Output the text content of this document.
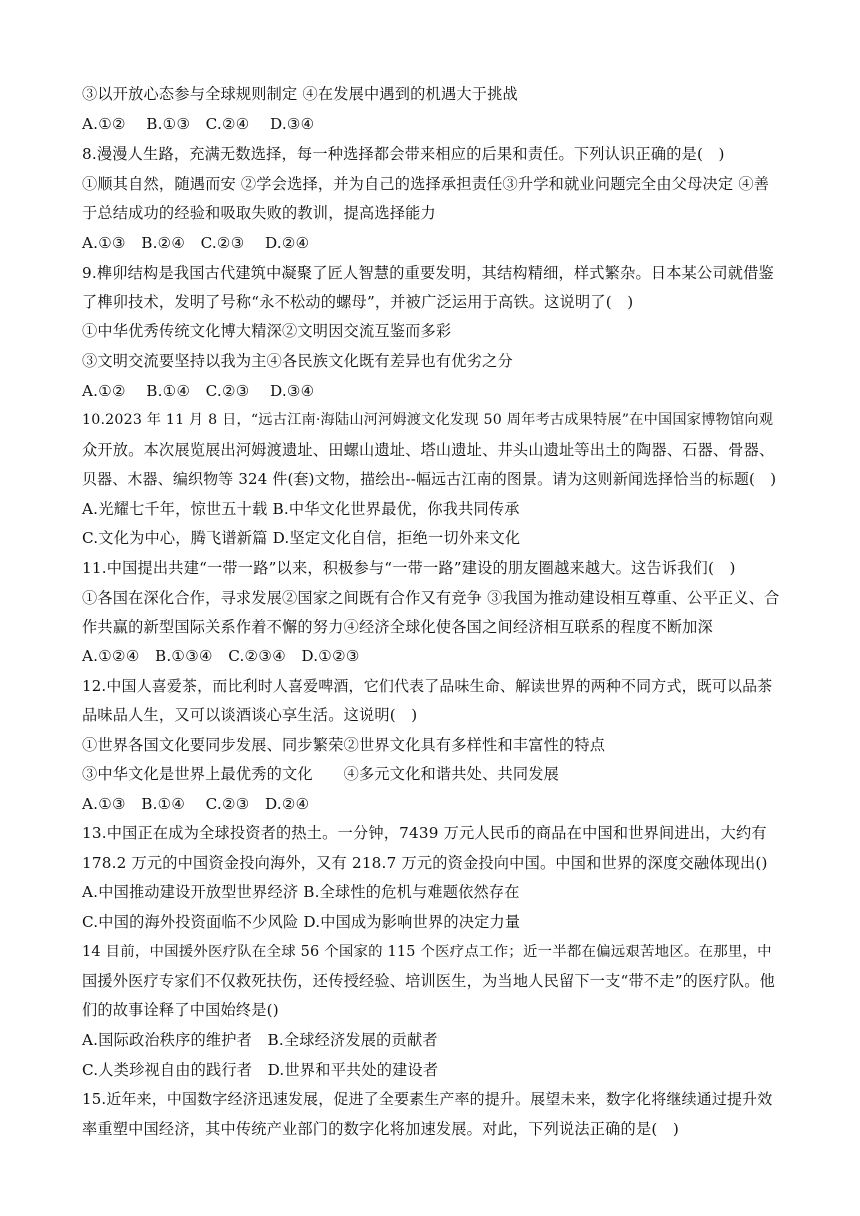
③以开放心态参与全球规则制定 ④在发展中遇到的机遇大于挑战
A.①②　 B.①③　C.②④　 D.③④
8.漫漫人生路，充满无数选择，每一种选择都会带来相应的后果和责任。下列认识正确的是(　)
①顺其自然，随遇而安 ②学会选择，并为自己的选择承担责任③升学和就业问题完全由父母决定 ④善
于总结成功的经验和吸取失败的教训，提高选择能力
A.①③　B.②④　C.②③　 D.②④
9.榫卯结构是我国古代建筑中凝聚了匠人智慧的重要发明，其结构精细，样式繁杂。日本某公司就借鉴
了榫卯技术，发明了号称“永不松动的螺母”，并被广泛运用于高铁。这说明了(　)
①中华优秀传统文化博大精深②文明因交流互鉴而多彩
③文明交流要坚持以我为主④各民族文化既有差异也有优劣之分
A.①②　 B.①④　C.②③　 D.③④
10.2023 年 11 月 8 日，“远古江南·海陆山河河姆渡文化发现 50 周年考古成果特展”在中国国家博物馆向观
众开放。本次展览展出河姆渡遗址、田螺山遗址、塔山遗址、井头山遗址等出土的陶器、石器、骨器、
贝器、木器、编织物等 324 件(套)文物，描绘出--幅远古江南的图景。请为这则新闻选择恰当的标题(　)
A.光耀七千年，惊世五十载 B.中华文化世界最优，你我共同传承
C.文化为中心，腾飞谱新篇 D.坚定文化自信，拒绝一切外来文化
11.中国提出共建“一带一路”以来，积极参与“一带一路”建设的朋友圈越来越大。这告诉我们(　)
①各国在深化合作，寻求发展②国家之间既有合作又有竞争 ③我国为推动建设相互尊重、公平正义、合
作共赢的新型国际关系作着不懈的努力④经济全球化使各国之间经济相互联系的程度不断加深
A.①②④　B.①③④　C.②③④　D.①②③
12.中国人喜爱茶，而比利时人喜爱啤酒，它们代表了品味生命、解读世界的两种不同方式，既可以品茶
品味品人生，又可以谈酒谈心享生活。这说明(　)
①世界各国文化要同步发展、同步繁荣②世界文化具有多样性和丰富性的特点
③中华文化是世界上最优秀的文化　　④多元文化和谐共处、共同发展
A.①③　B.①④　 C.②③　D.②④
13.中国正在成为全球投资者的热土。一分钟，7439 万元人民币的商品在中国和世界间进出，大约有
178.2 万元的中国资金投向海外，又有 218.7 万元的资金投向中国。中国和世界的深度交融体现出()
A.中国推动建设开放型世界经济 B.全球性的危机与难题依然存在
C.中国的海外投资面临不少风险 D.中国成为影响世界的决定力量
14 目前，中国援外医疗队在全球 56 个国家的 115 个医疗点工作；近一半都在偏远艰苦地区。在那里，中
国援外医疗专家们不仅救死扶伤，还传授经验、培训医生，为当地人民留下一支“带不走”的医疗队。他
们的故事诠释了中国始终是()
A.国际政治秩序的维护者　B.全球经济发展的贡献者
C.人类珍视自由的践行者　D.世界和平共处的建设者
15.近年来，中国数字经济迅速发展，促进了全要素生产率的提升。展望未来，数字化将继续通过提升效
率重塑中国经济，其中传统产业部门的数字化将加速发展。对此，下列说法正确的是(　)
